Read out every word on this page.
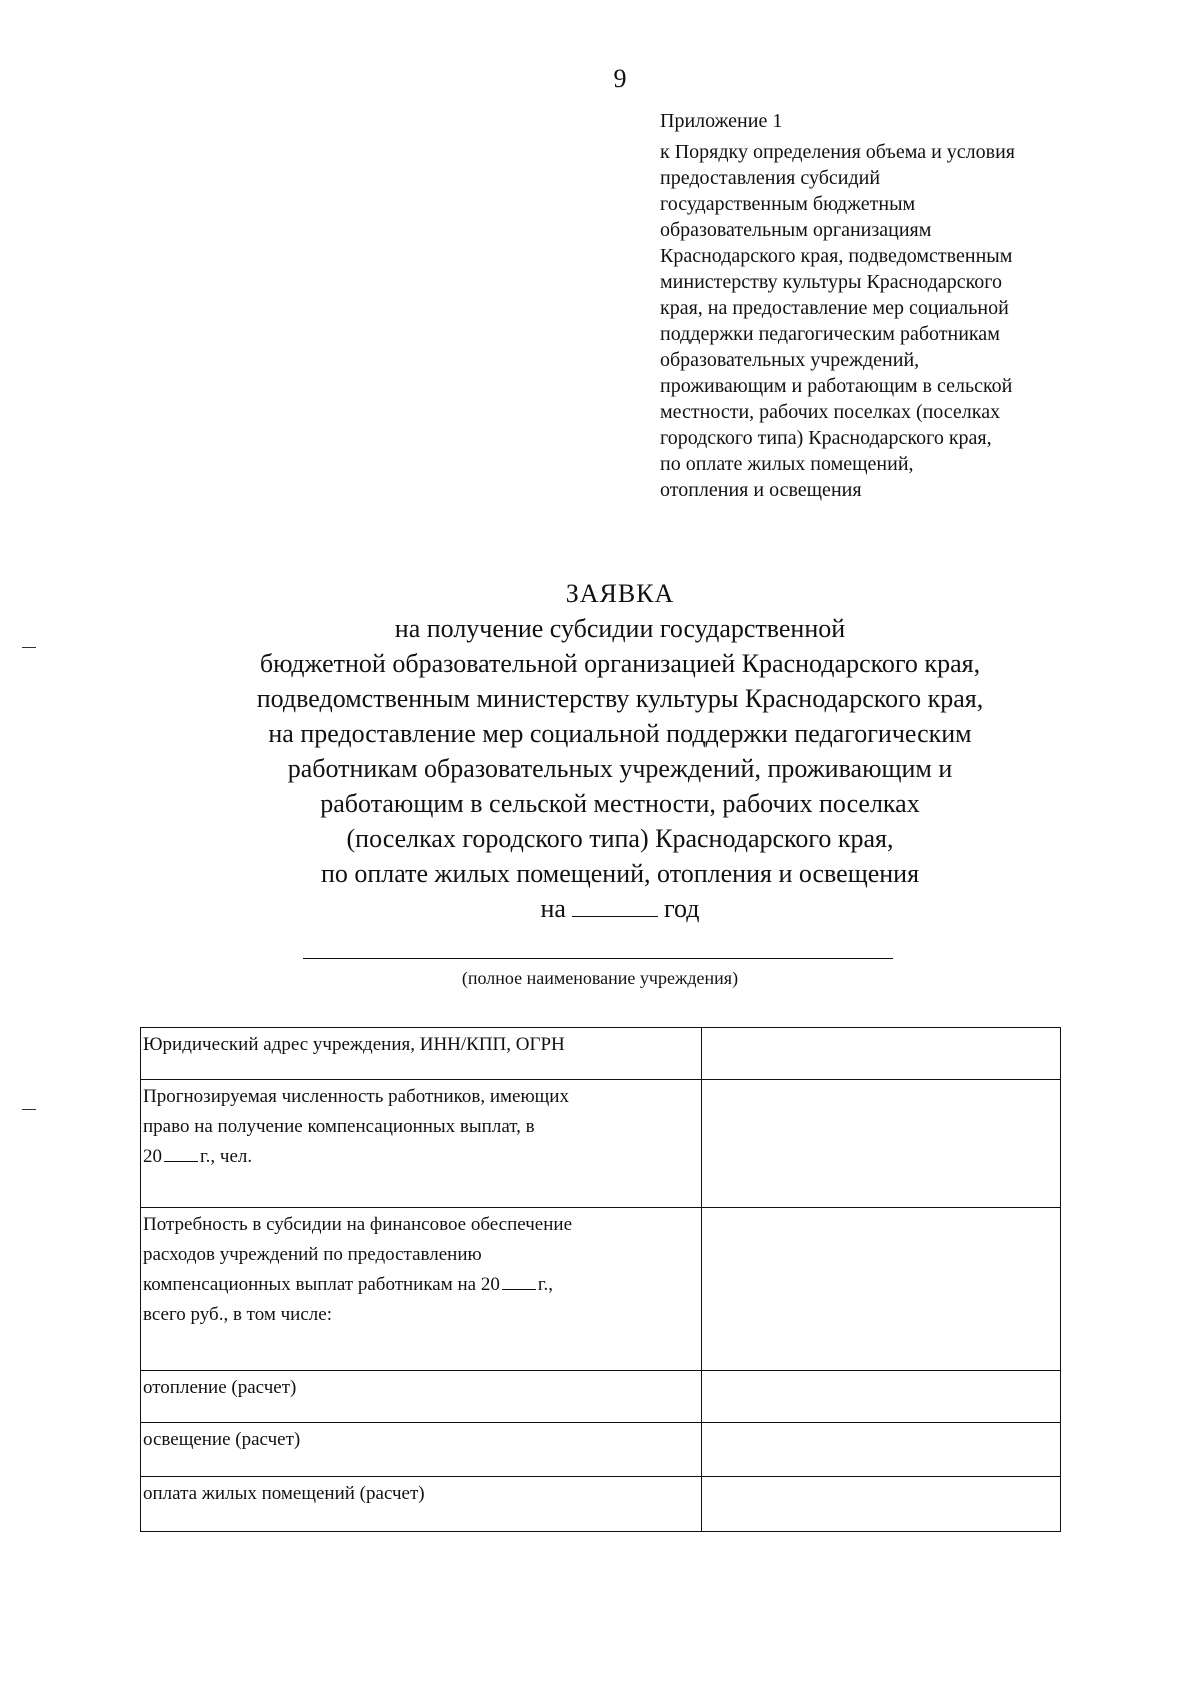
9
Приложение 1
к Порядку определения объема и условия
предоставления субсидий
государственным бюджетным
образовательным организациям
Краснодарского края, подведомственным
министерству культуры Краснодарского
края, на предоставление мер социальной
поддержки педагогическим работникам
образовательных учреждений,
проживающим и работающим в сельской
местности, рабочих поселках (поселках
городского типа) Краснодарского края,
по оплате жилых помещений,
отопления и освещения
ЗАЯВКА
на получение субсидии государственной
бюджетной образовательной организацией Краснодарского края,
подведомственным министерству культуры Краснодарского края,
на предоставление мер социальной поддержки педагогическим
работникам образовательных учреждений, проживающим и
работающим в сельской местности, рабочих поселках
(поселках городского типа) Краснодарского края,
по оплате жилых помещений, отопления и освещения
на	год
(полное наименование учреждения)
Юридический адрес учреждения, ИНН/КПП, ОГРН	

Прогнозируемая численность работников, имеющих
право на получение компенсационных выплат, в
20 г., чел.	

Потребность в субсидии на финансовое обеспечение
расходов учреждений по предоставлению
компенсационных выплат работникам на 20 г.,
всего руб., в том числе:	

отопление (расчет)	
освещение (расчет)	
оплата жилых помещений (расчет)	
